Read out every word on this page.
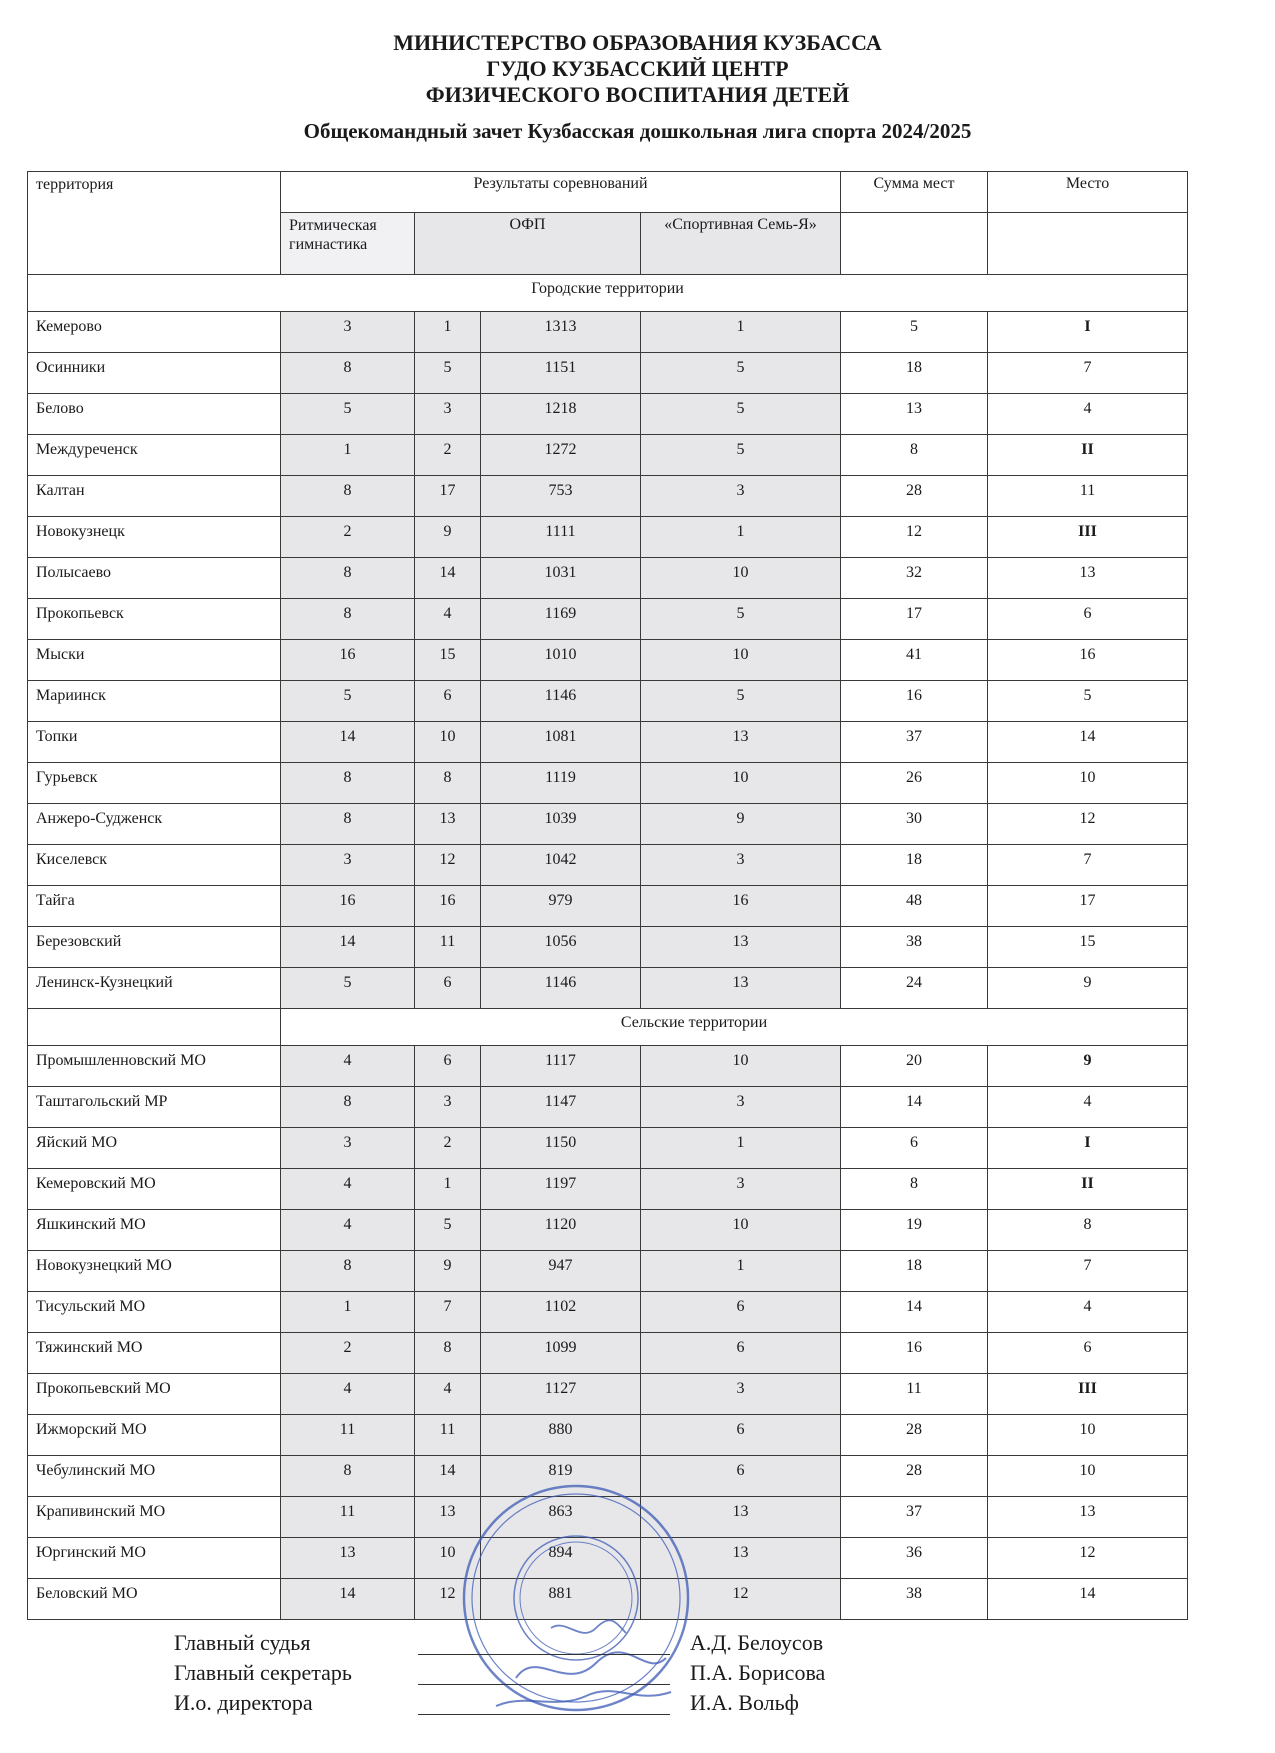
МИНИСТЕРСТВО ОБРАЗОВАНИЯ КУЗБАССА
ГУДО КУЗБАССКИЙ ЦЕНТР
ФИЗИЧЕСКОГО ВОСПИТАНИЯ ДЕТЕЙ
Общекомандный зачет Кузбасская дошкольная лига спорта 2024/2025
территория	Результаты соревнований				Сумма мест	Место
	Ритмическая гимнастика	ОФП		«Спортивная Семь-Я»		
Городские территории						
Кемерово	3	1	1313	1	5	I
Осинники	8	5	1151	5	18	7
Белово	5	3	1218	5	13	4
Междуреченск	1	2	1272	5	8	II
Калтан	8	17	753	3	28	11
Новокузнецк	2	9	1111	1	12	III
Полысаево	8	14	1031	10	32	13
Прокопьевск	8	4	1169	5	17	6
Мыски	16	15	1010	10	41	16
Мариинск	5	6	1146	5	16	5
Топки	14	10	1081	13	37	14
Гурьевск	8	8	1119	10	26	10
Анжеро-Судженск	8	13	1039	9	30	12
Киселевск	3	12	1042	3	18	7
Тайга	16	16	979	16	48	17
Березовский	14	11	1056	13	38	15
Ленинск-Кузнецкий	5	6	1146	13	24	9
	Сельские территории					
Промышленновский МО	4	6	1117	10	20	9
Таштагольский МР	8	3	1147	3	14	4
Яйский МО	3	2	1150	1	6	I
Кемеровский МО	4	1	1197	3	8	II
Яшкинский МО	4	5	1120	10	19	8
Новокузнецкий МО	8	9	947	1	18	7
Тисульский МО	1	7	1102	6	14	4
Тяжинский МО	2	8	1099	6	16	6
Прокопьевский МО	4	4	1127	3	11	III
Ижморский МО	11	11	880	6	28	10
Чебулинский МО	8	14	819	6	28	10
Крапивинский МО	11	13	863	13	37	13
Юргинский МО	13	10	894	13	36	12
Беловский МО	14	12	881	12	38	14
Главный судья	А.Д. Белоусов
Главный секретарь	П.А. Борисова
И.о. директора	И.А. Вольф
